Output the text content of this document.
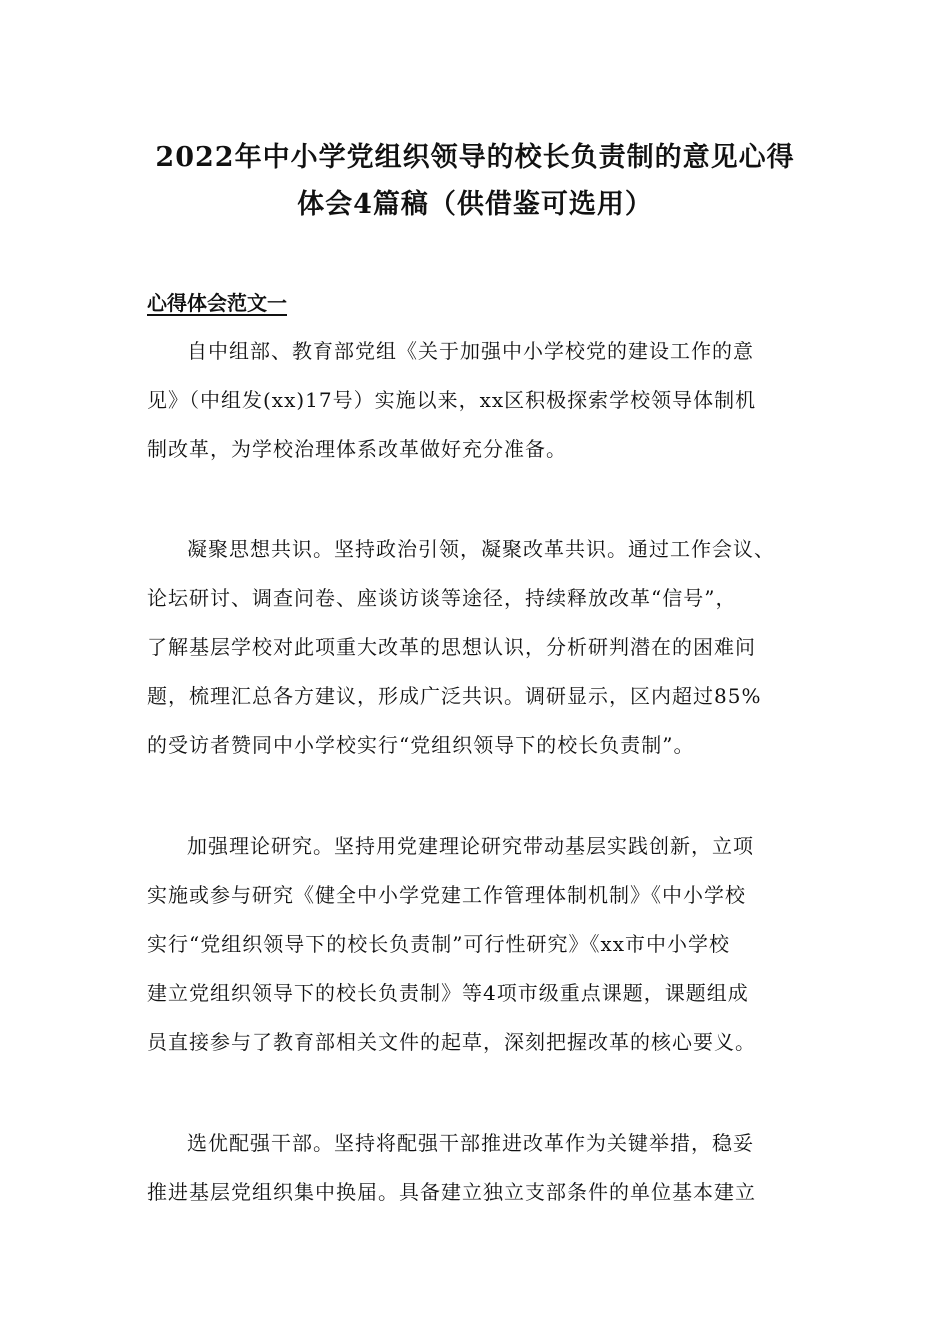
2022年中小学党组织领导的校长负责制的意见心得
体会4篇稿（供借鉴可选用）
心得体会范文一
自中组部、教育部党组《关于加强中小学校党的建设工作的意
见》（中组发(xx)17号）实施以来，xx区积极探索学校领导体制机
制改革，为学校治理体系改革做好充分准备。
凝聚思想共识。坚持政治引领，凝聚改革共识。通过工作会议、
论坛研讨、调查问卷、座谈访谈等途径，持续释放改革“信号”，
了解基层学校对此项重大改革的思想认识，分析研判潜在的困难问
题，梳理汇总各方建议，形成广泛共识。调研显示，区内超过85%
的受访者赞同中小学校实行“党组织领导下的校长负责制”。
加强理论研究。坚持用党建理论研究带动基层实践创新，立项
实施或参与研究《健全中小学党建工作管理体制机制》《中小学校
实行“党组织领导下的校长负责制”可行性研究》《xx市中小学校
建立党组织领导下的校长负责制》等4项市级重点课题，课题组成
员直接参与了教育部相关文件的起草，深刻把握改革的核心要义。
选优配强干部。坚持将配强干部推进改革作为关键举措，稳妥
推进基层党组织集中换届。具备建立独立支部条件的单位基本建立
